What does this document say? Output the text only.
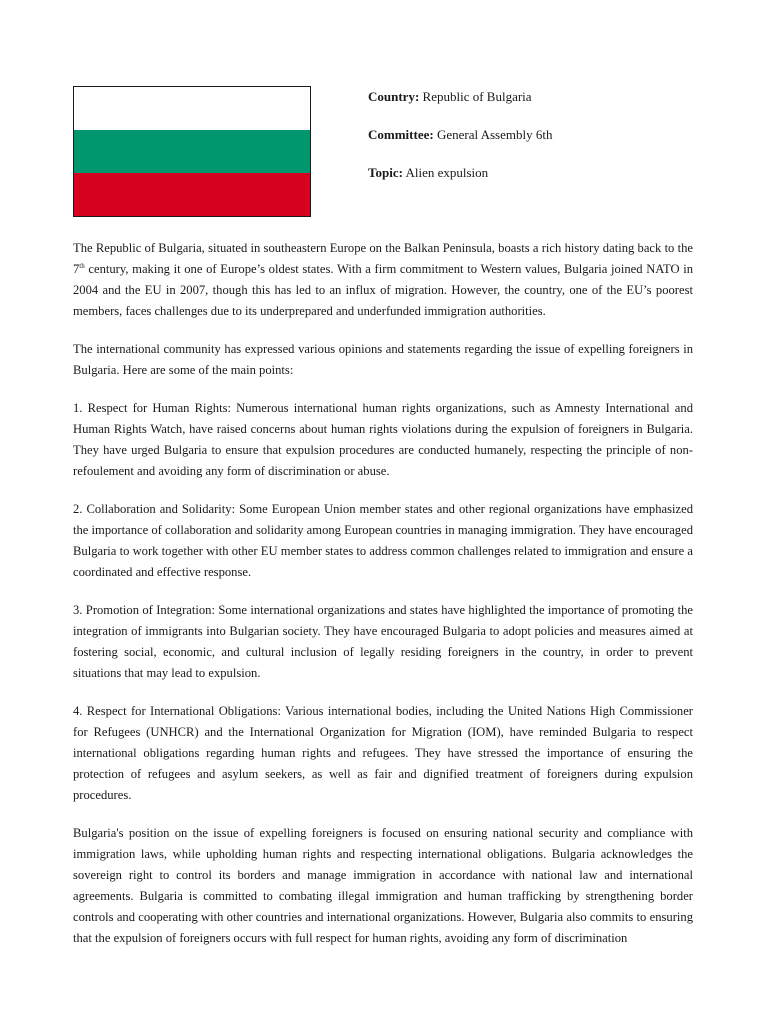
Country: Republic of Bulgaria
Committee: General Assembly 6th
Topic: Alien expulsion

The Republic of Bulgaria, situated in southeastern Europe on the Balkan Peninsula, boasts a rich history dating back to the 7th century, making it one of Europe’s oldest states. With a firm commitment to Western values, Bulgaria joined NATO in 2004 and the EU in 2007, though this has led to an influx of migration. However, the country, one of the EU’s poorest members, faces challenges due to its underprepared and underfunded immigration authorities.

The international community has expressed various opinions and statements regarding the issue of expelling foreigners in Bulgaria. Here are some of the main points:

1. Respect for Human Rights: Numerous international human rights organizations, such as Amnesty International and Human Rights Watch, have raised concerns about human rights violations during the expulsion of foreigners in Bulgaria. They have urged Bulgaria to ensure that expulsion procedures are conducted humanely, respecting the principle of non-refoulement and avoiding any form of discrimination or abuse.

2. Collaboration and Solidarity: Some European Union member states and other regional organizations have emphasized the importance of collaboration and solidarity among European countries in managing immigration. They have encouraged Bulgaria to work together with other EU member states to address common challenges related to immigration and ensure a coordinated and effective response.

3. Promotion of Integration: Some international organizations and states have highlighted the importance of promoting the integration of immigrants into Bulgarian society. They have encouraged Bulgaria to adopt policies and measures aimed at fostering social, economic, and cultural inclusion of legally residing foreigners in the country, in order to prevent situations that may lead to expulsion.

4. Respect for International Obligations: Various international bodies, including the United Nations High Commissioner for Refugees (UNHCR) and the International Organization for Migration (IOM), have reminded Bulgaria to respect international obligations regarding human rights and refugees. They have stressed the importance of ensuring the protection of refugees and asylum seekers, as well as fair and dignified treatment of foreigners during expulsion procedures.

Bulgaria's position on the issue of expelling foreigners is focused on ensuring national security and compliance with immigration laws, while upholding human rights and respecting international obligations. Bulgaria acknowledges the sovereign right to control its borders and manage immigration in accordance with national law and international agreements. Bulgaria is committed to combating illegal immigration and human trafficking by strengthening border controls and cooperating with other countries and international organizations. However, Bulgaria also commits to ensuring that the expulsion of foreigners occurs with full respect for human rights, avoiding any form of discrimination
